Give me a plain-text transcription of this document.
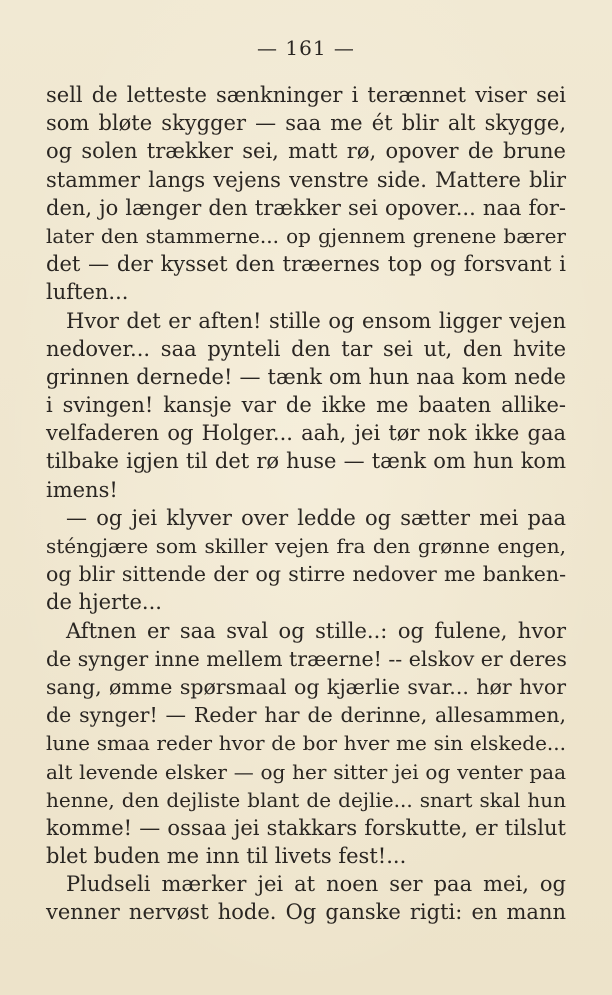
— 161 —
sell de letteste sænkninger i terænnet viser sei
som bløte skygger — saa me ét blir alt skygge,
og solen trækker sei, matt rø, opover de brune
stammer langs vejens venstre side. Mattere blir
den, jo længer den trækker sei opover... naa for-
later den stammerne... op gjennem grenene bærer
det — der kysset den træernes top og forsvant i
luften...
Hvor det er aften! stille og ensom ligger vejen
nedover... saa pynteli den tar sei ut, den hvite
grinnen dernede! — tænk om hun naa kom nede
i svingen! kansje var de ikke me baaten allike-
velfaderen og Holger... aah, jei tør nok ikke gaa
tilbake igjen til det rø huse — tænk om hun kom
imens!
— og jei klyver over ledde og sætter mei paa
sténgjære som skiller vejen fra den grønne engen,
og blir sittende der og stirre nedover me banken-
de hjerte...
Aftnen er saa sval og stille..: og fulene, hvor
de synger inne mellem træerne! -- elskov er deres
sang, ømme spørsmaal og kjærlie svar... hør hvor
de synger! — Reder har de derinne, allesammen,
lune smaa reder hvor de bor hver me sin elskede...
alt levende elsker — og her sitter jei og venter paa
henne, den dejliste blant de dejlie... snart skal hun
komme! — ossaa jei stakkars forskutte, er tilslut
blet buden me inn til livets fest!...
Pludseli mærker jei at noen ser paa mei, og
venner nervøst hode. Og ganske rigti: en mann
